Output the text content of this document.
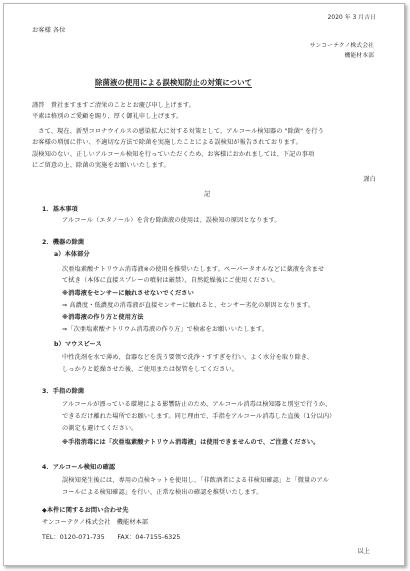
2020 年 3 月吉日
お客様 各位
サンコーテクノ株式会社
機能材本部
除菌液の使用による誤検知防止の対策について
謹啓　貴社ますますご清栄のこととお慶び申し上げます。
平素は格別のご愛顧を賜り、厚く御礼申し上げます。
　さて、現在、新型コロナウイルスの感染拡大に対する対策として、アルコール検知器の "除菌" を行う
お客様の増加に伴い、不適切な方法で除菌を実施したことによる誤検知が報告されております。
誤検知のない、正しいアルコール検知を行っていただくため、お客様におかれましては、下記の事項
にご留意の上、除菌の実施をお願いいたします。
謹白
記
1．基本事項
アルコール（エタノール）を含む除菌液の使用は、誤検知の原因となります。
2．機器の除菌
a）本体部分
次亜塩素酸ナトリウム消毒液※の使用を推奨いたします。ペーパータオルなどに薬液を含ませ
て拭き（本体に直接スプレーの噴射は厳禁）、自然乾燥後にご使用ください。
※消毒液をセンサーに触れさせないでください
⇒ 高濃度・低濃度の消毒液が直接センサーに触れると、センサー劣化の原因となります。
※消毒液の作り方と使用方法
⇒「次亜塩素酸ナトリウム消毒液の作り方」で検索をお願いいたします。
b）マウスピース
中性洗剤を水で薄め、食器などを洗う要領で洗浄・すすぎを行い、よく水分を取り除き、
しっかりと乾燥させた後、ご使用または保管をしてください。
3．手指の除菌
アルコールが漂っている環境による影響防止のため、アルコール消毒は検知器と別室で行うか、
できるだけ離れた場所でお願いします。同じ理由で、手指をアルコール消毒した直後（1分以内）
の測定も避けてください。
※手指消毒には「次亜塩素酸ナトリウム消毒液」は使用できませんので、ご注意ください。
4．アルコール検知の確認
誤検知発生後には、専用の点検キットを使用し、「非飲酒者による非検知確認」と「微量のアル
コールによる検知確認」を行い、正常な検出の確認を推奨いたします。
◆本件に関するお問い合わせ先
サンコーテクノ株式会社　機能材本部
TEL：0120-071-735　　FAX：04-7155-6325
以上
